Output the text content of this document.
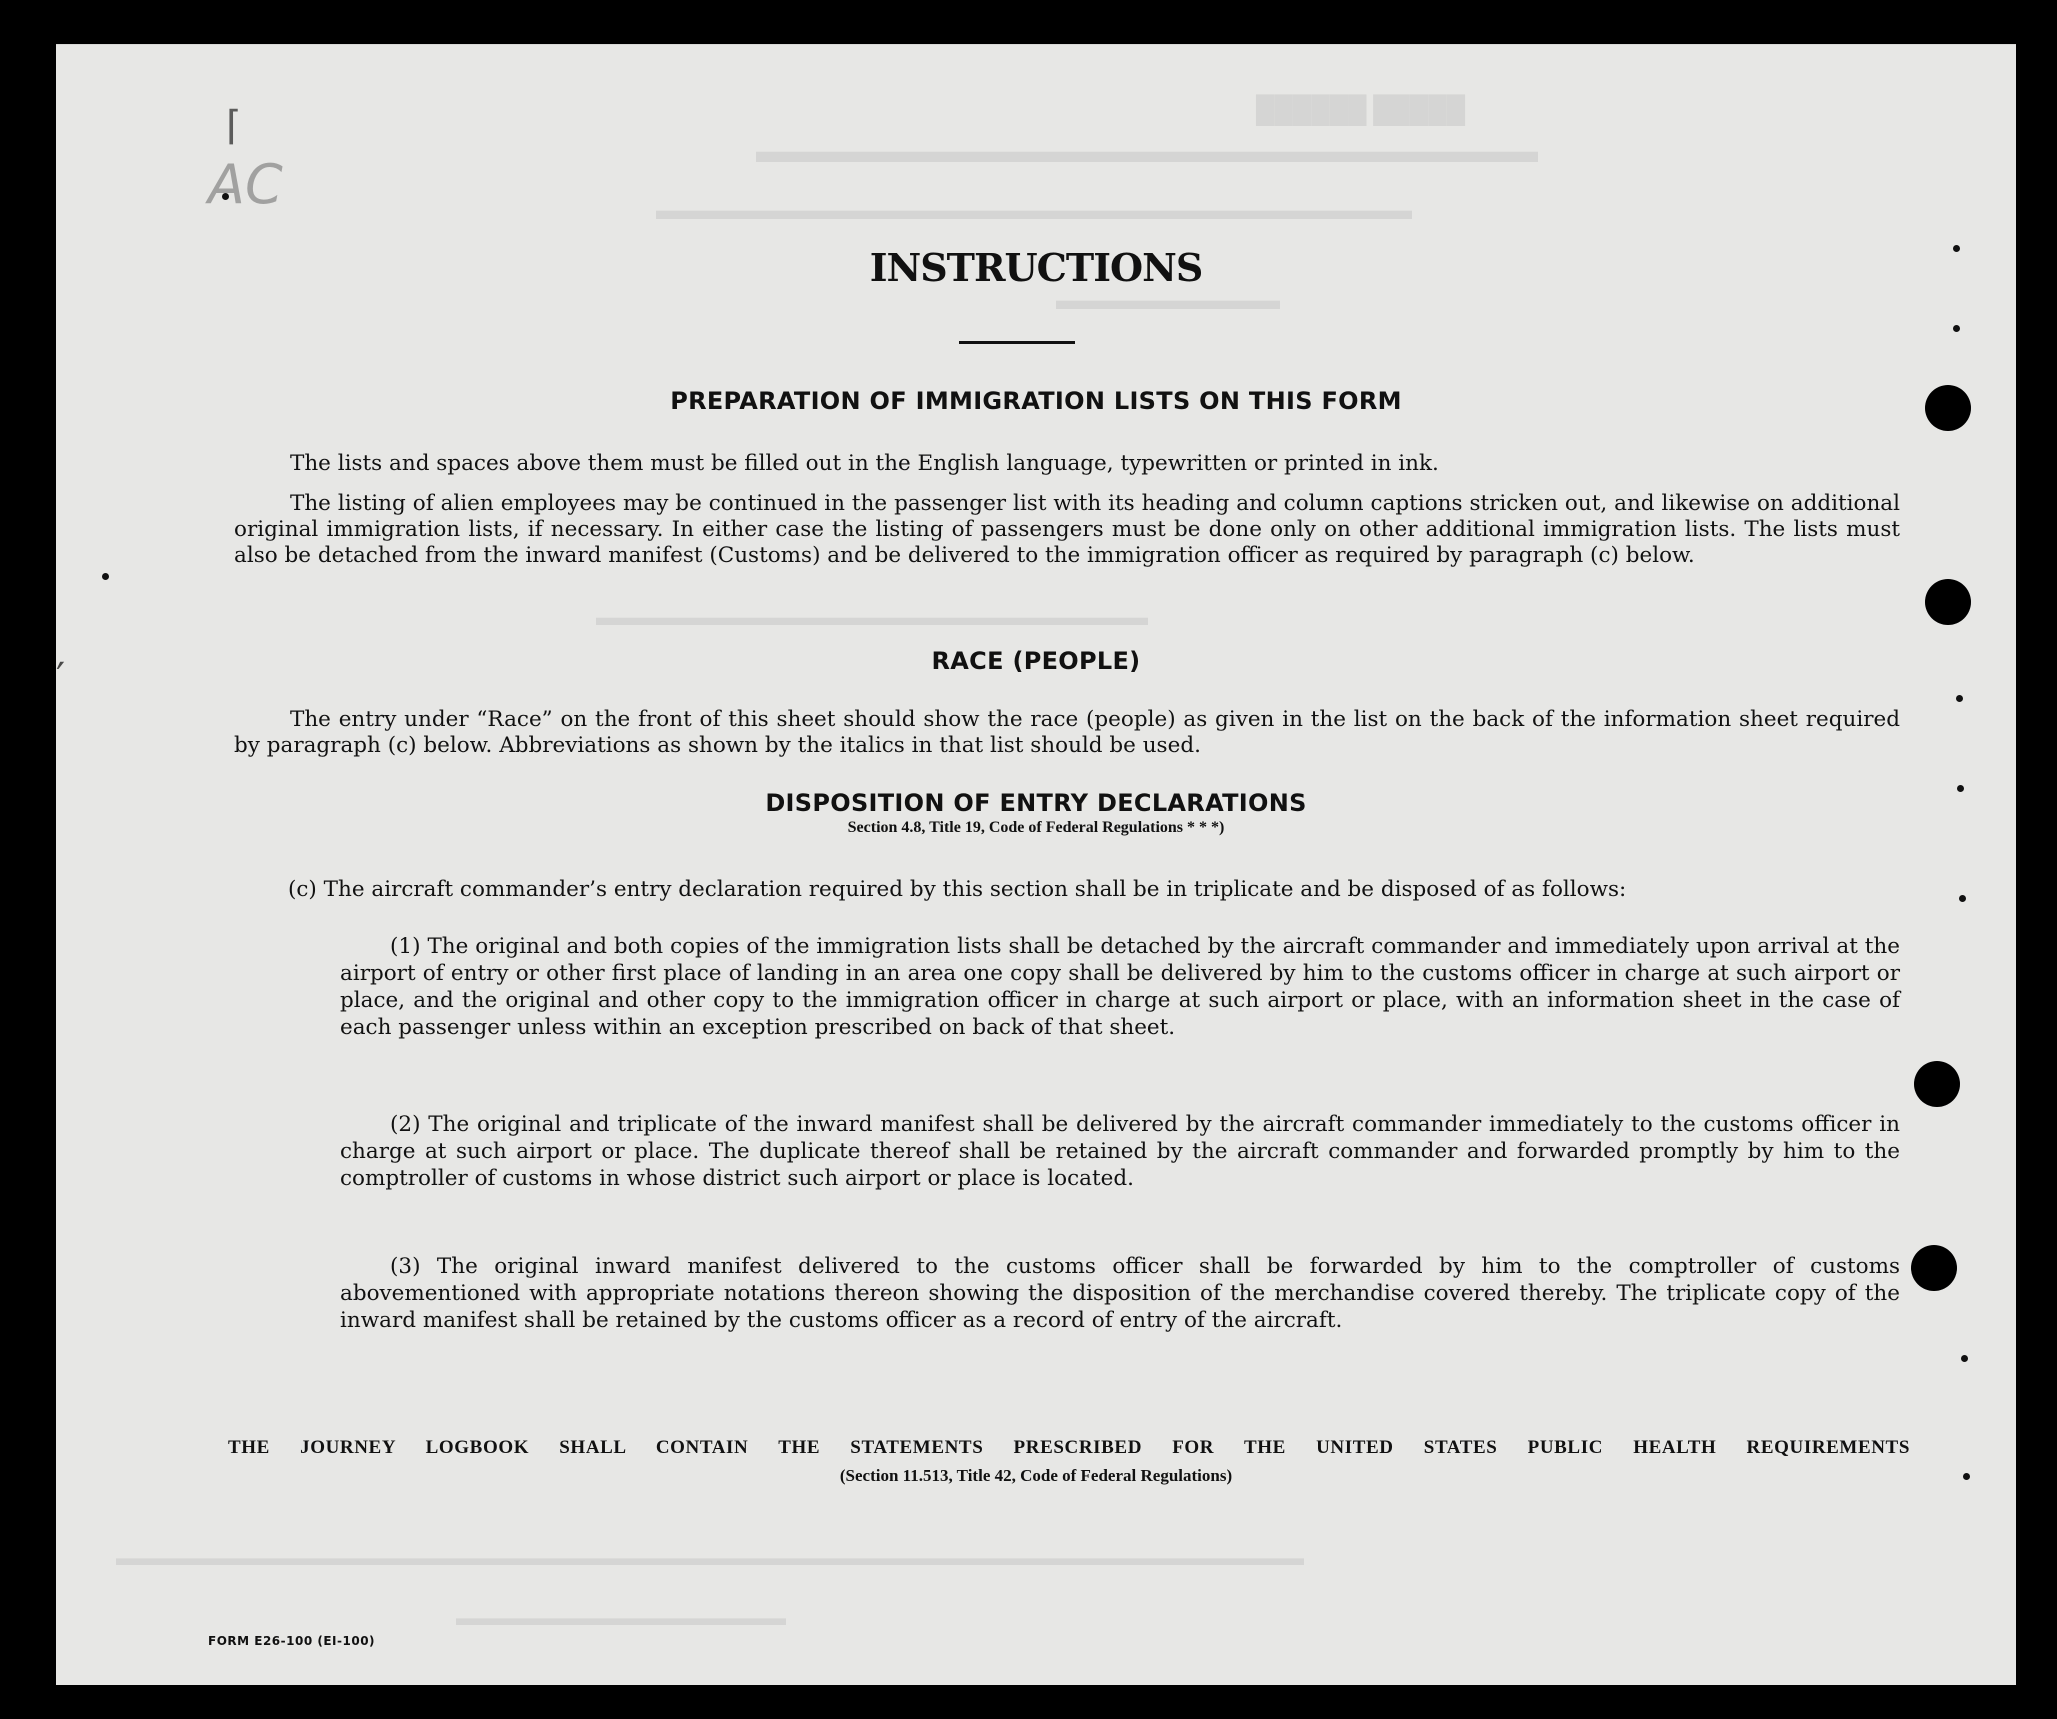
█████ ██████
▬▬▬▬▬▬▬▬▬▬▬▬▬▬▬▬▬▬▬▬▬▬▬
▬▬▬▬▬▬▬▬▬▬▬▬▬▬▬▬▬▬▬▬▬▬▬▬▬▬▬
▬▬▬▬▬▬▬▬
▬▬▬▬▬▬▬▬▬▬▬▬▬▬▬▬▬▬▬▬▬▬▬
▬▬▬▬▬▬▬▬▬▬▬▬▬▬▬▬▬▬▬▬▬▬▬▬▬▬▬▬▬▬▬▬▬▬▬▬▬▬▬▬▬▬▬▬▬▬▬▬▬▬▬▬▬▬
▬▬▬▬▬▬▬▬▬▬▬▬▬▬▬
AC
⌈
′
INSTRUCTIONS
PREPARATION OF IMMIGRATION LISTS ON THIS FORM
The lists and spaces above them must be filled out in the English language, typewritten or printed in ink.
The listing of alien employees may be continued in the passenger list with its heading and column captions stricken out, and likewise on additional original immigration lists, if necessary. In either case the listing of passengers must be done only on other additional immigration lists. The lists must also be detached from the inward manifest (Customs) and be delivered to the immigration officer as required by paragraph (c) below.
RACE (PEOPLE)
The entry under “Race” on the front of this sheet should show the race (people) as given in the list on the back of the information sheet required by paragraph (c) below. Abbreviations as shown by the italics in that list should be used.
DISPOSITION OF ENTRY DECLARATIONS
Section 4.8, Title 19, Code of Federal Regulations * * *)
(c) The aircraft commander’s entry declaration required by this section shall be in triplicate and be disposed of as follows:
(1) The original and both copies of the immigration lists shall be detached by the aircraft commander and immediately upon arrival at the airport of entry or other first place of landing in an area one copy shall be delivered by him to the customs officer in charge at such airport or place, and the original and other copy to the immigration officer in charge at such airport or place, with an information sheet in the case of each passenger unless within an exception prescribed on back of that sheet.
(2) The original and triplicate of the inward manifest shall be delivered by the aircraft commander immediately to the customs officer in charge at such airport or place. The duplicate thereof shall be retained by the aircraft commander and forwarded promptly by him to the comptroller of customs in whose district such airport or place is located.
(3) The original inward manifest delivered to the customs officer shall be forwarded by him to the comptroller of customs abovementioned with appropriate notations thereon showing the disposition of the merchandise covered thereby. The triplicate copy of the inward manifest shall be retained by the customs officer as a record of entry of the aircraft.
THE JOURNEY LOGBOOK SHALL CONTAIN THE STATEMENTS PRESCRIBED FOR THE UNITED STATES PUBLIC HEALTH REQUIREMENTS
(Section 11.513, Title 42, Code of Federal Regulations)
FORM E26-100 (EI-100)
